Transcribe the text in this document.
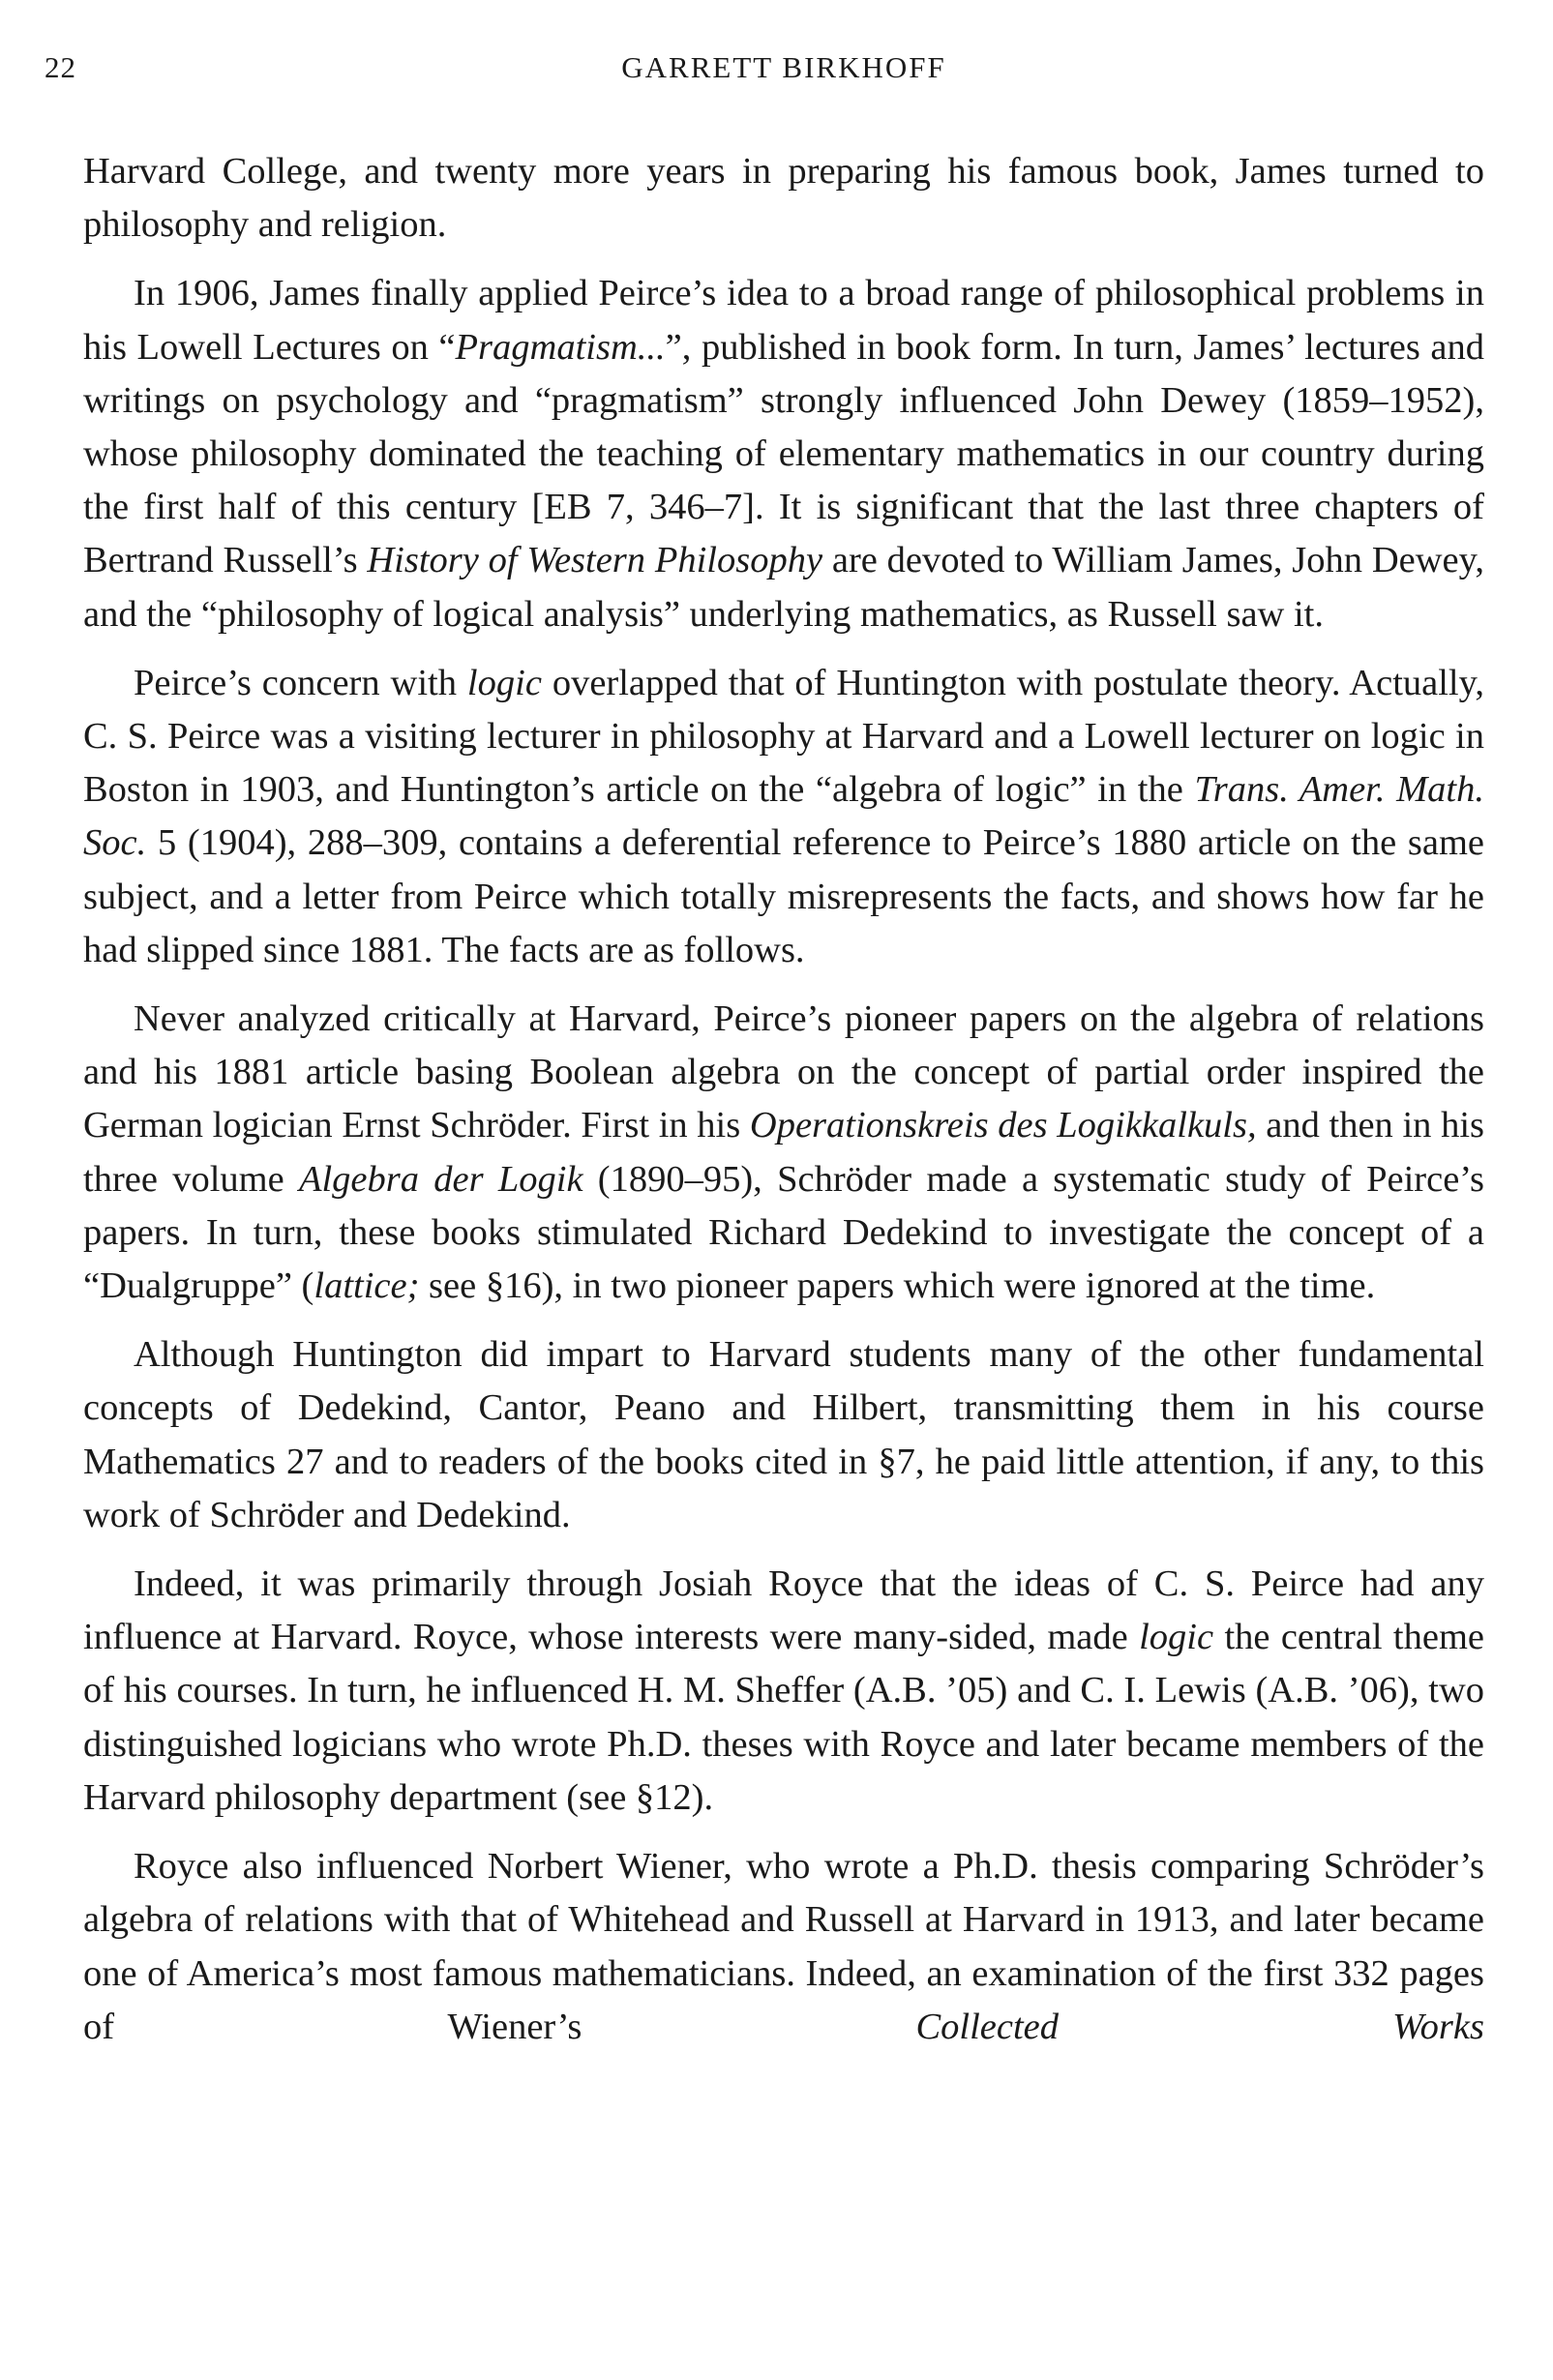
22	GARRETT BIRKHOFF

Harvard College, and twenty more years in preparing his famous book, James turned to philosophy and religion.

In 1906, James finally applied Peirce’s idea to a broad range of philosophical problems in his Lowell Lectures on “Pragmatism...”, published in book form. In turn, James’ lectures and writings on psychology and “pragmatism” strongly influenced John Dewey (1859–1952), whose philosophy dominated the teaching of elementary mathematics in our country during the first half of this century [EB 7, 346–7]. It is significant that the last three chapters of Bertrand Russell’s History of Western Philosophy are devoted to William James, John Dewey, and the “philosophy of logical analysis” underlying mathematics, as Russell saw it.

Peirce’s concern with logic overlapped that of Huntington with postulate theory. Actually, C. S. Peirce was a visiting lecturer in philosophy at Harvard and a Lowell lecturer on logic in Boston in 1903, and Huntington’s article on the “algebra of logic” in the Trans. Amer. Math. Soc. 5 (1904), 288–309, contains a deferential reference to Peirce’s 1880 article on the same subject, and a letter from Peirce which totally misrepresents the facts, and shows how far he had slipped since 1881. The facts are as follows.

Never analyzed critically at Harvard, Peirce’s pioneer papers on the algebra of relations and his 1881 article basing Boolean algebra on the concept of partial order inspired the German logician Ernst Schröder. First in his Operationskreis des Logikkalkuls, and then in his three volume Algebra der Logik (1890–95), Schröder made a systematic study of Peirce’s papers. In turn, these books stimulated Richard Dedekind to investigate the concept of a “Dualgruppe” (lattice; see §16), in two pioneer papers which were ignored at the time.

Although Huntington did impart to Harvard students many of the other fundamental concepts of Dedekind, Cantor, Peano and Hilbert, transmitting them in his course Mathematics 27 and to readers of the books cited in §7, he paid little attention, if any, to this work of Schröder and Dedekind.

Indeed, it was primarily through Josiah Royce that the ideas of C. S. Peirce had any influence at Harvard. Royce, whose interests were many-sided, made logic the central theme of his courses. In turn, he influenced H. M. Sheffer (A.B. ’05) and C. I. Lewis (A.B. ’06), two distinguished logicians who wrote Ph.D. theses with Royce and later became members of the Harvard philosophy department (see §12).

Royce also influenced Norbert Wiener, who wrote a Ph.D. thesis comparing Schröder’s algebra of relations with that of Whitehead and Russell at Harvard in 1913, and later became one of America’s most famous mathematicians. Indeed, an examination of the first 332 pages of Wiener’s Collected Works
